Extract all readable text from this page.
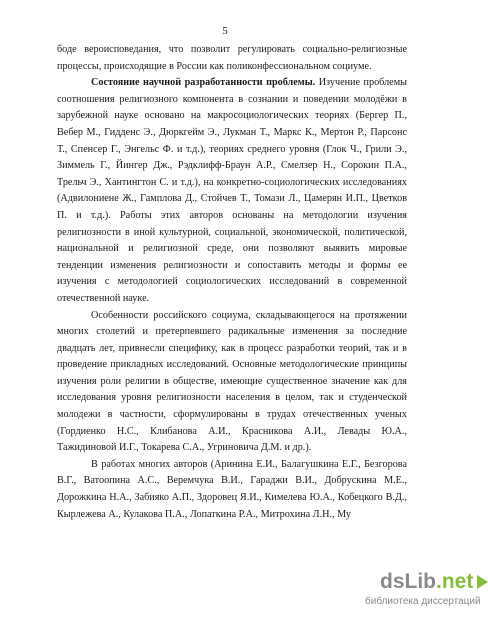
5

боде вероисповедания, что позволит регулировать социально-религиозные процессы, происходящие в России как поликонфессиональном социуме.

Состояние научной разработанности проблемы. Изучение проблемы соотношения религиозного компонента в сознании и поведении молодёжи в зарубежной науке основано на макросоциологических теориях (Бергер П., Вебер М., Гидденс Э., Дюркгейм Э., Лукман Т., Маркс К., Мертон Р., Парсонс Т., Спенсер Г., Энгельс Ф. и т.д.), теориях среднего уровня (Глок Ч., Грили Э., Зиммель Г., Йингер Дж., Рэдклифф-Браун А.Р., Смелзер Н., Сорокин П.А., Трельч Э., Хантингтон С. и т.д.), на конкретно-социологических исследованиях (Адвилониене Ж., Гамплова Д., Стойчев Т., Томази Л., Цамерян И.П., Цветков П. и т.д.). Работы этих авторов основаны на методологии изучения религиозности в иной культурной, социальной, экономической, политической, национальной и религиозной среде, они позволяют выявить мировые тенденции изменения религиозности и сопоставить методы и формы ее изучения с методологией социологических исследований в современной отечественной науке.

Особенности российского социума, складывающегося на протяжении многих столетий и претерпевшего радикальные изменения за последние двадцать лет, привнесли специфику, как в процесс разработки теорий, так и в проведение прикладных исследований. Основные методологические принципы изучения роли религии в обществе, имеющие существенное значение как для исследования уровня религиозности населения в целом, так и студенческой молодежи в частности, сформулированы в трудах отечественных ученых (Гордиенко Н.С., Клибанова А.И., Красникова А.И., Левады Ю.А., Тажидиновой И.Г., Токарева С.А., Угриновича Д.М. и др.).

В работах многих авторов (Аринина Е.И., Балагушкина Е.Г., Безгорова В.Г., Ватоoпина А.С., Веремчука В.И., Гараджи В.И., Добрускина М.Е., Дорожкина Н.А., Забияко А.П., Здоровец Я.И., Кимелева Ю.А., Кобецкого В.Д., Кырлежева А., Кулакова П.А., Лопаткина Р.А., Митрохина Л.Н., Му

dsLib .net
библиотека диссертаций
